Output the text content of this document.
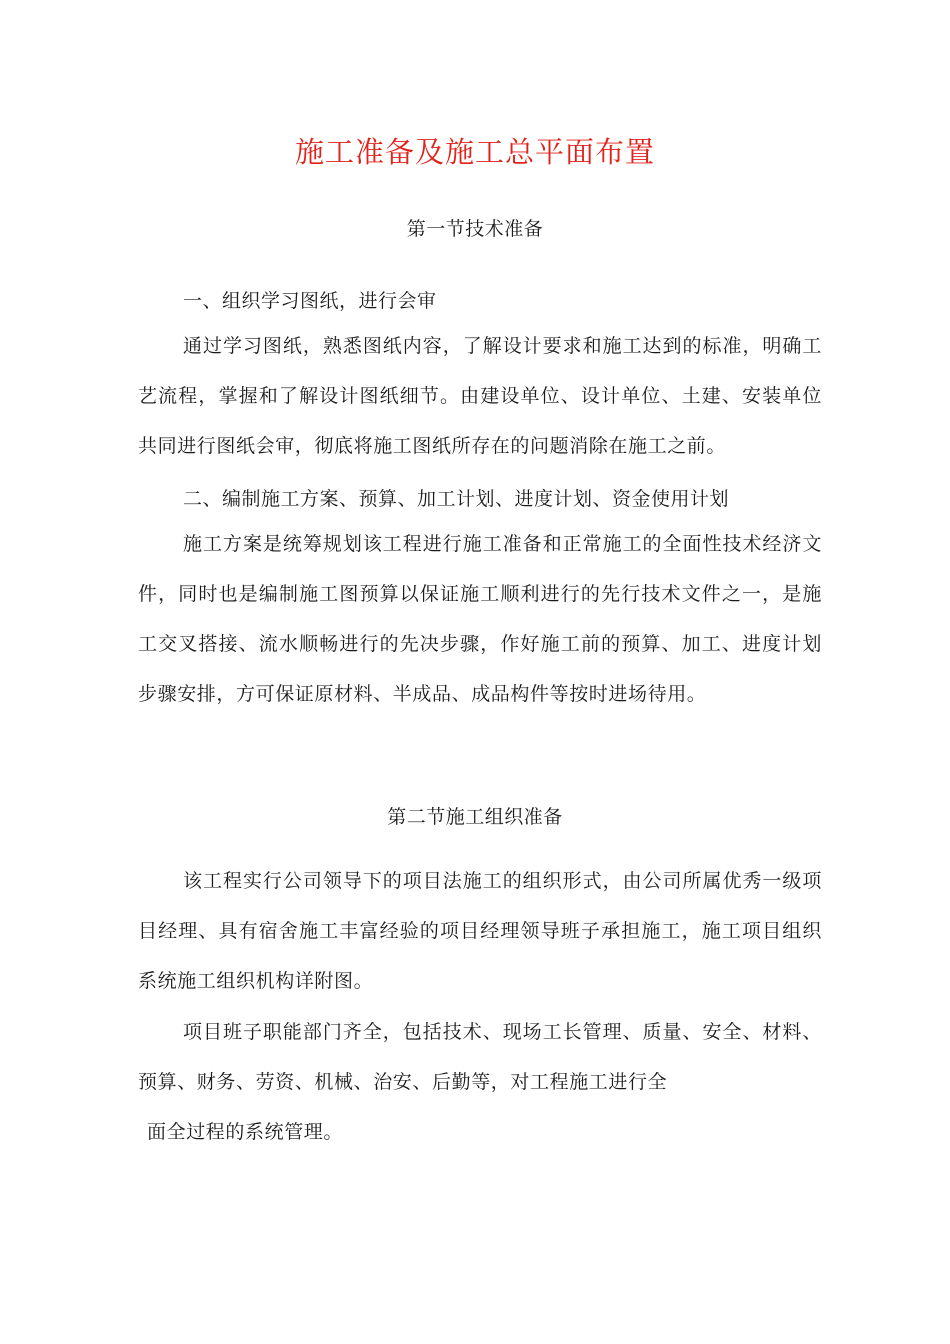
施工准备及施工总平面布置
第一节技术准备
一、组织学习图纸，进行会审

通过学习图纸，熟悉图纸内容，了解设计要求和施工达到的标准，明确工艺流程，掌握和了解设计图纸细节。由建设单位、设计单位、土建、安装单位共同进行图纸会审，彻底将施工图纸所存在的问题消除在施工之前。

二、编制施工方案、预算、加工计划、进度计划、资金使用计划

施工方案是统筹规划该工程进行施工准备和正常施工的全面性技术经济文件，同时也是编制施工图预算以保证施工顺利进行的先行技术文件之一，是施工交叉搭接、流水顺畅进行的先决步骤，作好施工前的预算、加工、进度计划步骤安排，方可保证原材料、半成品、成品构件等按时进场待用。

第二节施工组织准备

该工程实行公司领导下的项目法施工的组织形式，由公司所属优秀一级项目经理、具有宿舍施工丰富经验的项目经理领导班子承担施工，施工项目组织系统施工组织机构详附图。

项目班子职能部门齐全，包括技术、现场工长管理、质量、安全、材料、预算、财务、劳资、机械、治安、后勤等，对工程施工进行全

面全过程的系统管理。
